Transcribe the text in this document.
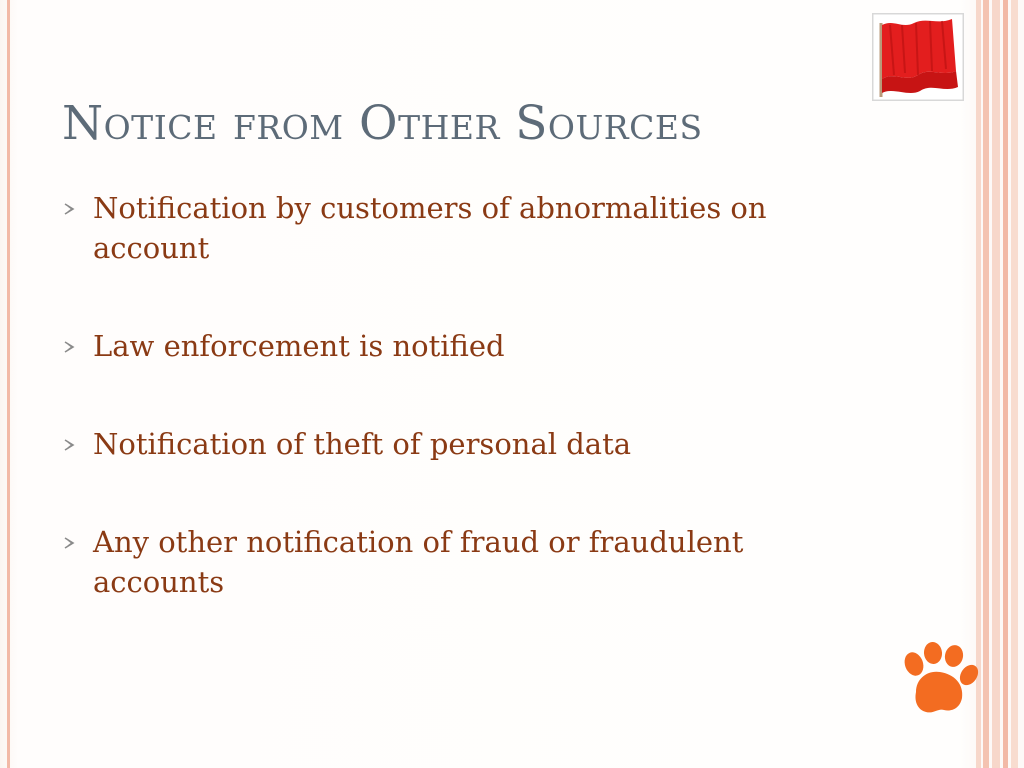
Notice from Other Sources
Notification by customers of abnormalities on account
Law enforcement is notified
Notification of theft of personal data
Any other notification of fraud or fraudulent accounts
